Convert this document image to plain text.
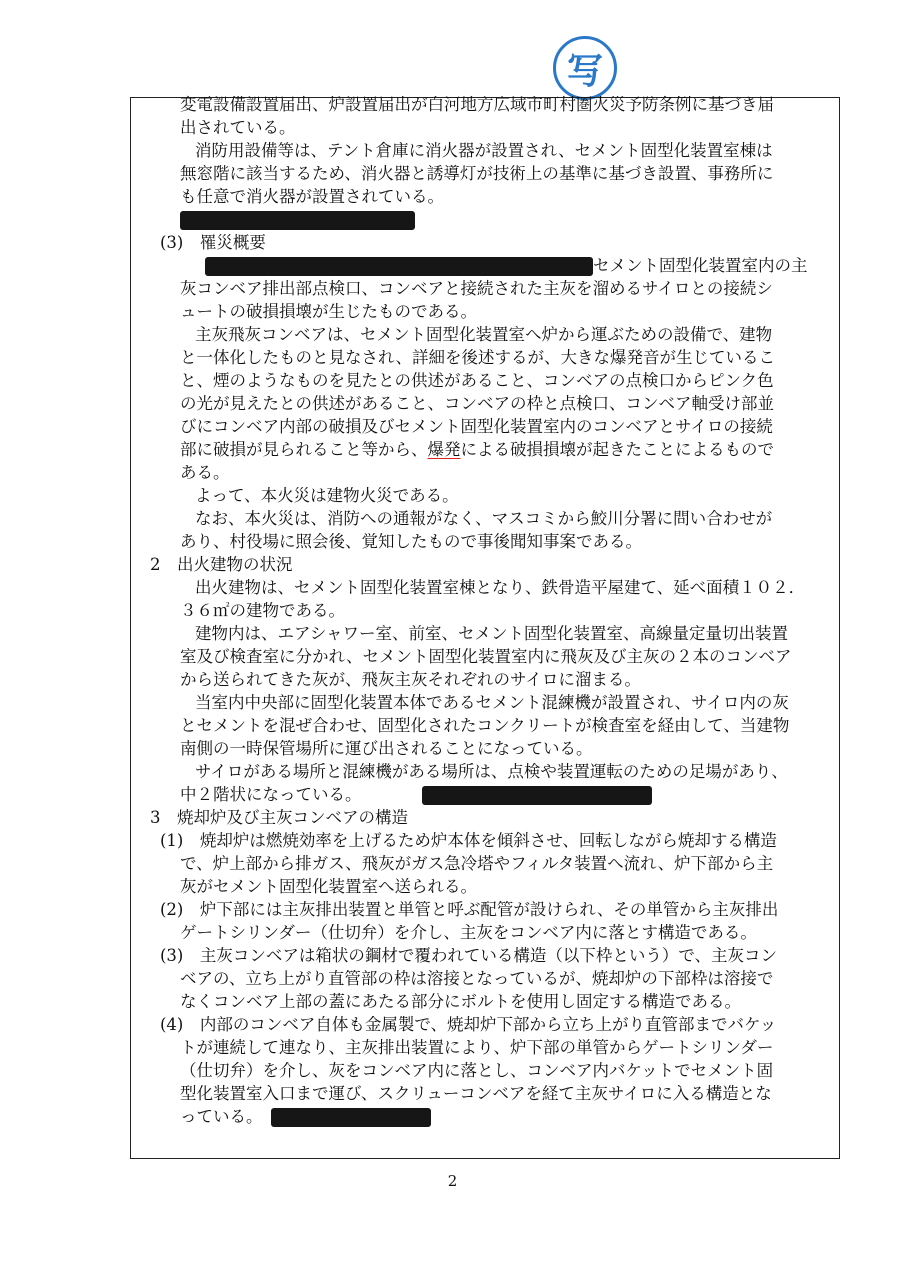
写
変電設備設置届出、炉設置届出が白河地方広域市町村圏火災予防条例に基づき届
出されている。
消防用設備等は、テント倉庫に消火器が設置され、セメント固型化装置室棟は
無窓階に該当するため、消火器と誘導灯が技術上の基準に基づき設置、事務所に
も任意で消火器が設置されている。
(3)　罹災概要
セメント固型化装置室内の主
灰コンベア排出部点検口、コンベアと接続された主灰を溜めるサイロとの接続シ
ュートの破損損壊が生じたものである。
主灰飛灰コンベアは、セメント固型化装置室へ炉から運ぶための設備で、建物
と一体化したものと見なされ、詳細を後述するが、大きな爆発音が生じているこ
と、煙のようなものを見たとの供述があること、コンベアの点検口からピンク色
の光が見えたとの供述があること、コンベアの枠と点検口、コンベア軸受け部並
びにコンベア内部の破損及びセメント固型化装置室内のコンベアとサイロの接続
部に破損が見られること等から、爆発による破損損壊が起きたことによるもので
ある。
よって、本火災は建物火災である。
なお、本火災は、消防への通報がなく、マスコミから鮫川分署に問い合わせが
あり、村役場に照会後、覚知したもので事後聞知事案である。
2　出火建物の状況
出火建物は、セメント固型化装置室棟となり、鉄骨造平屋建て、延べ面積１０２．
３６㎡の建物である。
建物内は、エアシャワー室、前室、セメント固型化装置室、高線量定量切出装置
室及び検査室に分かれ、セメント固型化装置室内に飛灰及び主灰の２本のコンベア
から送られてきた灰が、飛灰主灰それぞれのサイロに溜まる。
当室内中央部に固型化装置本体であるセメント混練機が設置され、サイロ内の灰
とセメントを混ぜ合わせ、固型化されたコンクリートが検査室を経由して、当建物
南側の一時保管場所に運び出されることになっている。
サイロがある場所と混練機がある場所は、点検や装置運転のための足場があり、
中２階状になっている。
3　焼却炉及び主灰コンベアの構造
(1)　焼却炉は燃焼効率を上げるため炉本体を傾斜させ、回転しながら焼却する構造
で、炉上部から排ガス、飛灰がガス急冷塔やフィルタ装置へ流れ、炉下部から主
灰がセメント固型化装置室へ送られる。
(2)　炉下部には主灰排出装置と単管と呼ぶ配管が設けられ、その単管から主灰排出
ゲートシリンダー（仕切弁）を介し、主灰をコンベア内に落とす構造である。
(3)　主灰コンベアは箱状の鋼材で覆われている構造（以下枠という）で、主灰コン
ベアの、立ち上がり直管部の枠は溶接となっているが、焼却炉の下部枠は溶接で
なくコンベア上部の蓋にあたる部分にボルトを使用し固定する構造である。
(4)　内部のコンベア自体も金属製で、焼却炉下部から立ち上がり直管部までバケッ
トが連続して連なり、主灰排出装置により、炉下部の単管からゲートシリンダー
（仕切弁）を介し、灰をコンベア内に落とし、コンベア内バケットでセメント固
型化装置室入口まで運び、スクリューコンベアを経て主灰サイロに入る構造とな
っている。
2
